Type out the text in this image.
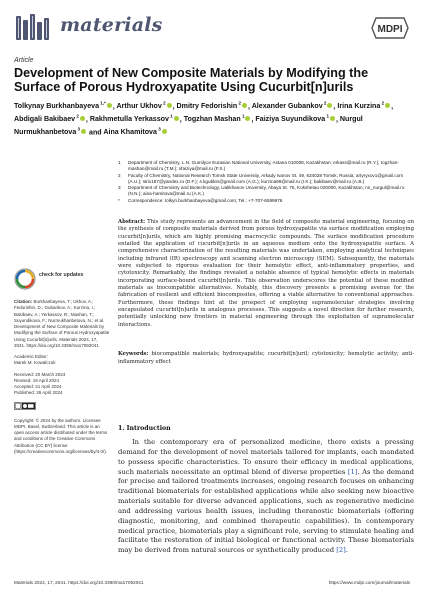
materials	MDPI
Article
Development of New Composite Materials by Modifying the Surface of Porous Hydroxyapatite Using Cucurbit[n]urils
Tolkynay Burkhanbayeva $^{1,*}$ , Arthur Ukhov $^2$ , Dmitry Fedorishin $^2$ , Alexander Gubankov $^2$ , Irina Kurzina $^2$ , Abdigali Bakibaev $^2$ , Rakhmetulla Yerkassov $^1$ , Togzhan Mashan $^1$ , Faiziya Suyundikova $^1$ , Nurgul Nurmukhanbetova $^3$ and Aina Khamitova $^3$
1 Department of Chemistry, L.N. Gumilyov Eurasian National University, Astana 010008, Kazakhstan; erkass@mail.ru (R.Y.); togzhan-mashan@mail.ru (T.M.); sfaiziya@mail.ru (F.S.)
2 Faculty of Chemistry, National Research Tomsk State University, Arkady Ivanov St. 49, 634028 Tomsk, Russia; artyryxov1@gmail.com (A.U.); strix187@yandex.ru (D.F.); 4.kgubkin@gmail.com (A.G.); kurzina99@mail.ru (I.K.); bakibaev@mail.ru (A.B.)
3 Department of Chemistry and Biotechnology, Ualikhanov University, Abaya St. 76, Kokshetau 020000, Kazakhstan; nn_nurgul@mail.ru (N.N.); aina-hamitova@mail.ru (A.K.)
* Correspondence: tolkyn.burkhanbayeva@gmail.com; Tel.: +7-707-6599976
Abstract: This study represents an advancement in the field of composite material engineering, focusing on the synthesis of composite materials derived from porous hydroxyapatite via surface modification employing cucurbit[n]urils, which are highly promising macrocyclic compounds. The surface modification procedure entailed the application of cucurbit[n]urils in an aqueous medium onto the hydroxyapatite surface. A comprehensive characterization of the resulting materials was undertaken, employing analytical techniques including infrared (IR) spectroscopy and scanning electron microscopy (SEM). Subsequently, the materials were subjected to rigorous evaluation for their hemolytic effect, anti-inflammatory properties, and cytotoxicity. Remarkably, the findings revealed a notable absence of typical hemolytic effects in materials incorporating surface-bound cucurbit[n]urils. This observation underscores the potential of these modified materials as biocompatible alternatives. Notably, this discovery presents a promising avenue for the fabrication of resilient and efficient biocomposites, offering a viable alternative to conventional approaches. Furthermore, these findings hint at the prospect of employing supramolecular strategies involving encapsulated cucurbit[n]urils in analogous processes. This suggests a novel direction for further research, potentially unlocking new frontiers in material engineering through the exploitation of supramolecular interactions.
Keywords: biocompatible materials; hydroxyapatite; cucurbit[n]uril; cytotoxicity; hemolytic activity; anti-inflammatory effect
1. Introduction
In the contemporary era of personalized medicine, there exists a pressing demand for the development of novel materials tailored for implants, each mandated to possess specific characteristics. To ensure their efficacy in medical applications, such materials necessitate an optimal blend of diverse properties [1]. As the demand for precise and tailored treatments increases, ongoing research focuses on enhancing traditional biomaterials for established applications while also seeking new bioactive materials suitable for diverse advanced applications, such as regenerative medicine and addressing various health issues, including theranostic biomaterials (offering diagnostic, monitoring, and combined therapeutic capabilities). In contemporary medical practice, biomaterials play a significant role, serving to stimulate healing and facilitate the restoration of initial biological or functional activity. These biomaterials may be derived from natural sources or synthetically produced [2].
check for updates
Citation: Burkhanbayeva, T.; Ukhov, A.; Fedorishin, D.; Gubankov, A.; Kurzina, I.; Bakibaev, A.; Yerkassov, R.; Mashan, T.; Suyundikova, F.; Nurmukhanbetova, N.; et al. Development of New Composite Materials by Modifying the Surface of Porous Hydroxyapatite Using Cucurbit[n]urils. Materials 2024, 17, 2041. https://doi.org/10.3390/ma17092041
Academic Editor:
Marek M. Kowalczuk
Received: 20 March 2024
Revised: 19 April 2024
Accepted: 21 April 2024
Published: 26 April 2024
Copyright: © 2024 by the authors. Licensee MDPI, Basel, Switzerland. This article is an open access article distributed under the terms and conditions of the Creative Commons Attribution (CC BY) license (https://creativecommons.org/licenses/by/4.0/).
Materials 2024, 17, 2041. https://doi.org/10.3390/ma17092041	https://www.mdpi.com/journal/materials
